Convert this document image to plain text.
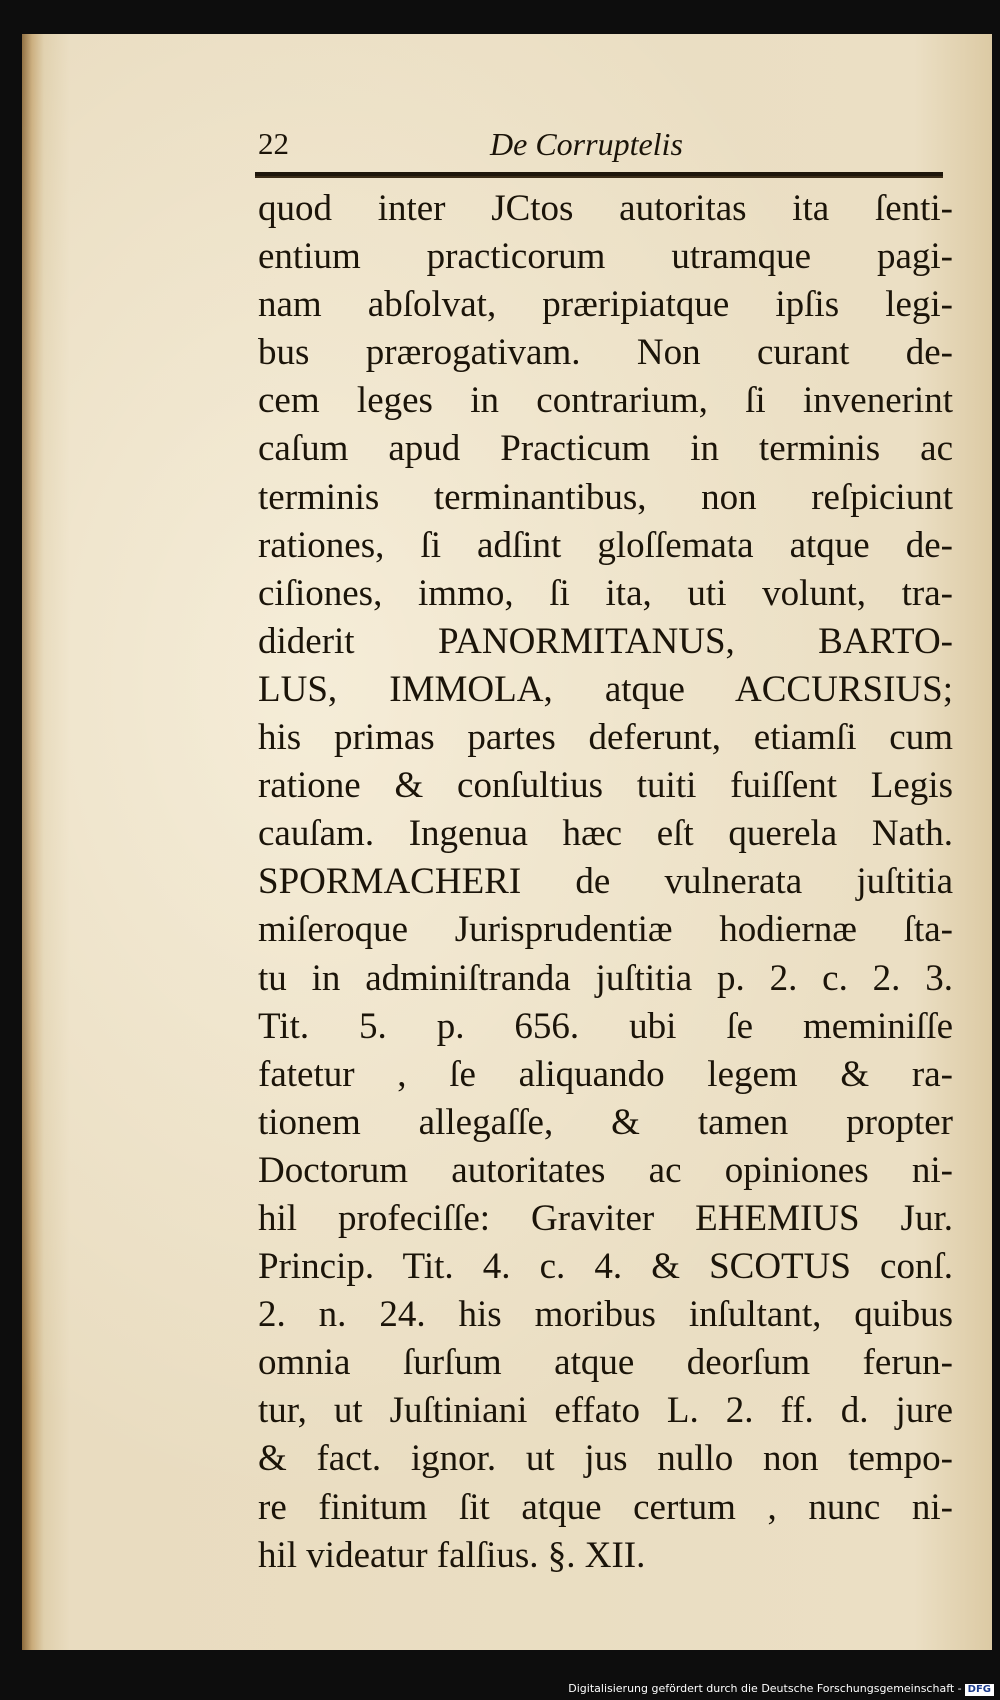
22	De Corruptelis
quod inter JCtos autoritas ita ſenti-
entium practicorum utramque pagi-
nam abſolvat, præripiatque ipſis legi-
bus prærogativam. Non curant de-
cem leges in contrarium, ſi invenerint
caſum apud Practicum in terminis ac
terminis terminantibus, non reſpiciunt
rationes, ſi adſint gloſſemata atque de-
ciſiones, immo, ſi ita, uti volunt, tra-
diderit PANORMITANUS, BARTO-
LUS, IMMOLA, atque ACCURSIUS;
his primas partes deferunt, etiamſi cum
ratione & conſultius tuiti fuiſſent Legis
cauſam. Ingenua hæc eſt querela Nath.
SPORMACHERI de vulnerata juſtitia
miſeroque Jurisprudentiæ hodiernæ ſta-
tu in adminiſtranda juſtitia p. 2. c. 2. 3.
Tit. 5. p. 656. ubi ſe meminiſſe
fatetur , ſe aliquando legem & ra-
tionem allegaſſe, & tamen propter
Doctorum autoritates ac opiniones ni-
hil profeciſſe: Graviter EHEMIUS Jur.
Princip. Tit. 4. c. 4. & SCOTUS conſ.
2. n. 24. his moribus inſultant, quibus
omnia ſurſum atque deorſum ferun-
tur, ut Juſtiniani effato L. 2. ff. d. jure
& fact. ignor. ut jus nullo non tempo-
re finitum ſit atque certum , nunc ni-
hil videatur falſius. §. XII.
Digitalisierung gefördert durch die Deutsche Forschungsgemeinschaft - DFG
